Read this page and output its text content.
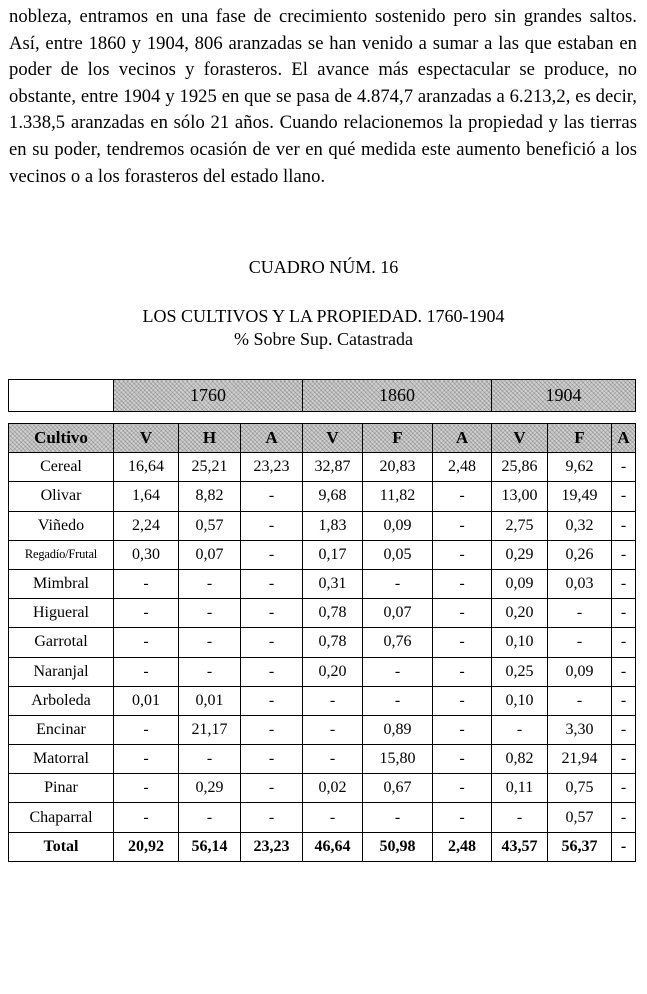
nobleza, entramos en una fase de crecimiento sostenido pero sin grandes saltos. Así, entre 1860 y 1904, 806 aranzadas se han venido a sumar a las que estaban en poder de los vecinos y forasteros. El avance más espectacular se produce, no obstante, entre 1904 y 1925 en que se pasa de 4.874,7 aranzadas a 6.213,2, es decir, 1.338,5 aranzadas en sólo 21 años. Cuando relacionemos la propiedad y las tierras en su poder, tendremos ocasión de ver en qué medida este aumento benefició a los vecinos o a los forasteros del estado llano.

CUADRO NÚM. 16

LOS CULTIVOS Y LA PROPIEDAD. 1760-1904

% Sobre Sup. Catastrada

	1760	1860	1904
Cultivo	V	H	A	V	F	A	V	F	A
Cereal	16,64	25,21	23,23	32,87	20,83	2,48	25,86	9,62	-
Olivar	1,64	8,82	-	9,68	11,82	-	13,00	19,49	-
Viñedo	2,24	0,57	-	1,83	0,09	-	2,75	0,32	-
Regadío/Frutal	0,30	0,07	-	0,17	0,05	-	0,29	0,26	-
Mimbral	-	-	-	0,31	-	-	0,09	0,03	-
Higueral	-	-	-	0,78	0,07	-	0,20	-	-
Garrotal	-	-	-	0,78	0,76	-	0,10	-	-
Naranjal	-	-	-	0,20	-	-	0,25	0,09	-
Arboleda	0,01	0,01	-	-	-	-	0,10	-	-
Encinar	-	21,17	-	-	0,89	-	-	3,30	-
Matorral	-	-	-	-	15,80	-	0,82	21,94	-
Pinar	-	0,29	-	0,02	0,67	-	0,11	0,75	-
Chaparral	-	-	-	-	-	-	-	0,57	-
Total	20,92	56,14	23,23	46,64	50,98	2,48	43,57	56,37	-
